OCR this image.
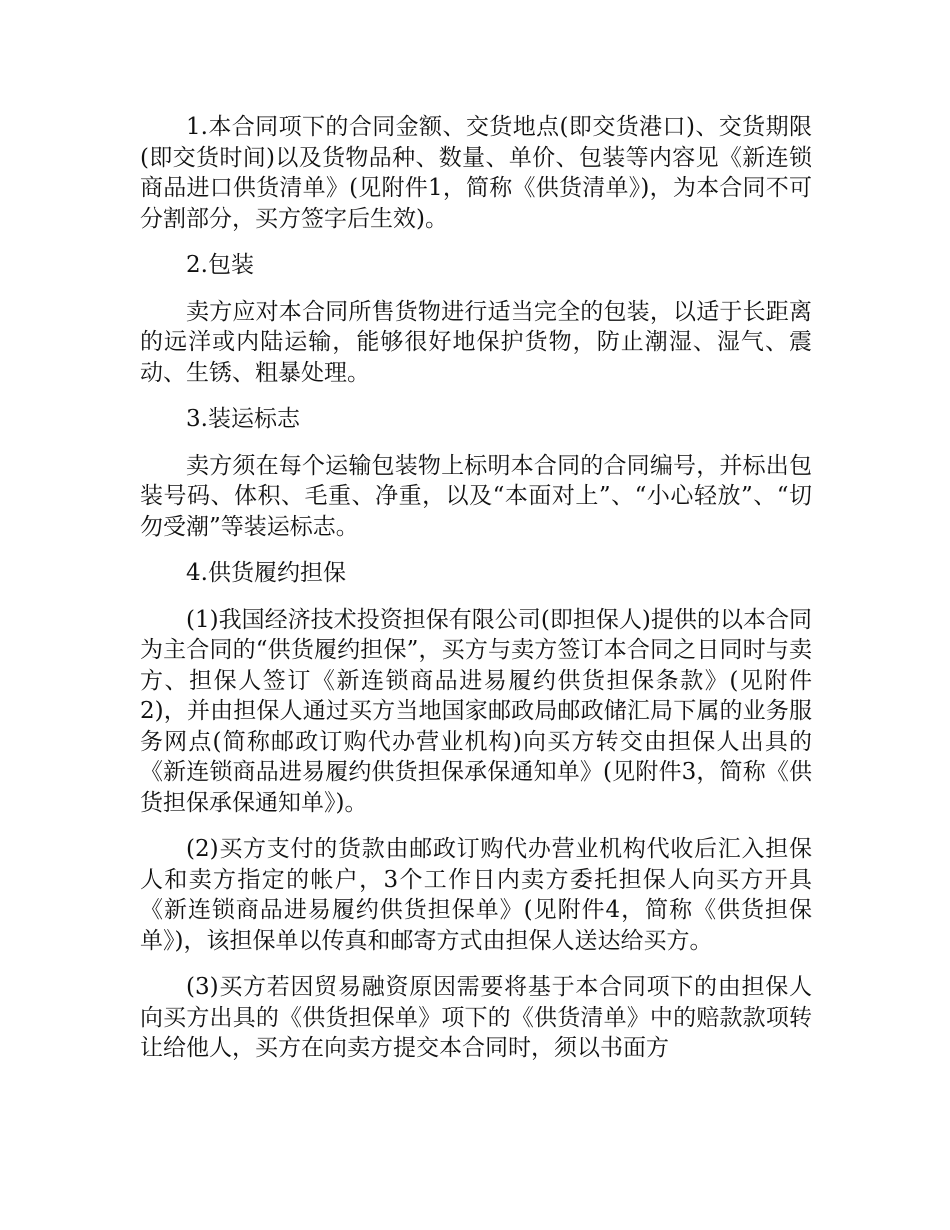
1.本合同项下的合同金额、交货地点(即交货港口)、交货期限(即交货时间)以及货物品种、数量、单价、包装等内容见《新连锁商品进口供货清单》(见附件1，简称《供货清单》)，为本合同不可分割部分，买方签字后生效)。

2.包装

卖方应对本合同所售货物进行适当完全的包装，以适于长距离的远洋或内陆运输，能够很好地保护货物，防止潮湿、湿气、震动、生锈、粗暴处理。

3.装运标志

卖方须在每个运输包装物上标明本合同的合同编号，并标出包装号码、体积、毛重、净重，以及“本面对上”、“小心轻放”、“切勿受潮”等装运标志。

4.供货履约担保

(1)我国经济技术投资担保有限公司(即担保人)提供的以本合同为主合同的“供货履约担保”，买方与卖方签订本合同之日同时与卖方、担保人签订《新连锁商品进易履约供货担保条款》(见附件2)，并由担保人通过买方当地国家邮政局邮政储汇局下属的业务服务网点(简称邮政订购代办营业机构)向买方转交由担保人出具的《新连锁商品进易履约供货担保承保通知单》(见附件3，简称《供货担保承保通知单》)。

(2)买方支付的货款由邮政订购代办营业机构代收后汇入担保人和卖方指定的帐户，3个工作日内卖方委托担保人向买方开具《新连锁商品进易履约供货担保单》(见附件4，简称《供货担保单》)，该担保单以传真和邮寄方式由担保人送达给买方。

(3)买方若因贸易融资原因需要将基于本合同项下的由担保人向买方出具的《供货担保单》项下的《供货清单》中的赔款款项转让给他人，买方在向卖方提交本合同时，须以书面方
